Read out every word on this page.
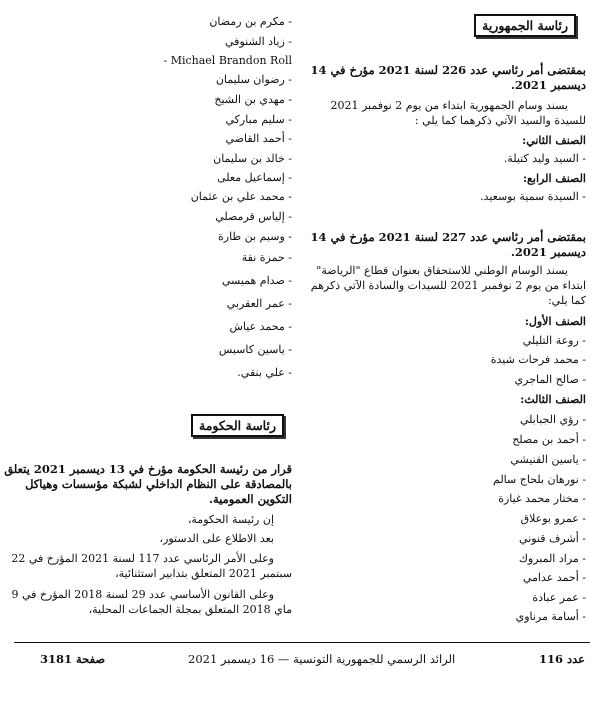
رئاسة الجمهورية
بمقتضى أمر رئاسي عدد 226 لسنة 2021 مؤرخ في 14
ديسمبر 2021.
يسند وسام الجمهورية ابتداء من يوم 2 نوفمبر 2021
للسيدة والسيد الآتي ذكرهما كما يلي :
الصنف الثاني:
- السيد وليد كتيلة.
الصنف الرابع:
- السيدة سمية بوسعيد.
بمقتضى أمر رئاسي عدد 227 لسنة 2021 مؤرخ في 14
ديسمبر 2021.
يسند الوسام الوطني للاستحقاق بعنوان قطاع "الرياضة"
ابتداء من يوم 2 نوفمبر 2021 للسيدات والسادة الآتي ذكرهم
كما يلي:
الصنف الأول:
- روعة التليلي
- محمد فرحات شيدة
- صالح الماجري
الصنف الثالث:
- رؤي الجبابلي
- أحمد بن مصلح
- ياسين القنيشي
- نورهان بلحاج سالم
- مختار محمد غيازة
- عمرو بوعلاق
- أشرف قنوني
- مراد المبروك
- أحمد عدامي
- عمر عبادة
- أسامة مرناوي
- مكرم بن رمضان
- زياد الشنوفي
- Michael Brandon Roll
- رضوان سليمان
- مهدي بن الشيخ
- سليم مباركي
- أحمد القاضي
- خالد بن سليمان
- إسماعيل معلى
- محمد علي بن عثمان
- إلياس قرمصلي
- وسيم بن طارة
- حمزة نقة
- صدام هميسي
- عمر العقربي
- محمد عياش
- ياسين كاسيس
- علي بنقي.
رئاسة الحكومة
قرار من رئيسة الحكومة مؤرخ في 13 ديسمبر 2021 يتعلق
بالمصادقة على النظام الداخلي لشبكة مؤسسات وهياكل
التكوين العمومية.
إن رئيسة الحكومة،
بعد الاطلاع على الدستور،
وعلى الأمر الرئاسي عدد 117 لسنة 2021 المؤرخ في 22
سبتمبر 2021 المتعلق بتدابير استثنائية،
وعلى القانون الأساسي عدد 29 لسنة 2018 المؤرخ في 9
ماي 2018 المتعلق بمجلة الجماعات المحلية،
عدد 116
الرائد الرسمي للجمهورية التونسية — 16 ديسمبر 2021
صفحة 3181
